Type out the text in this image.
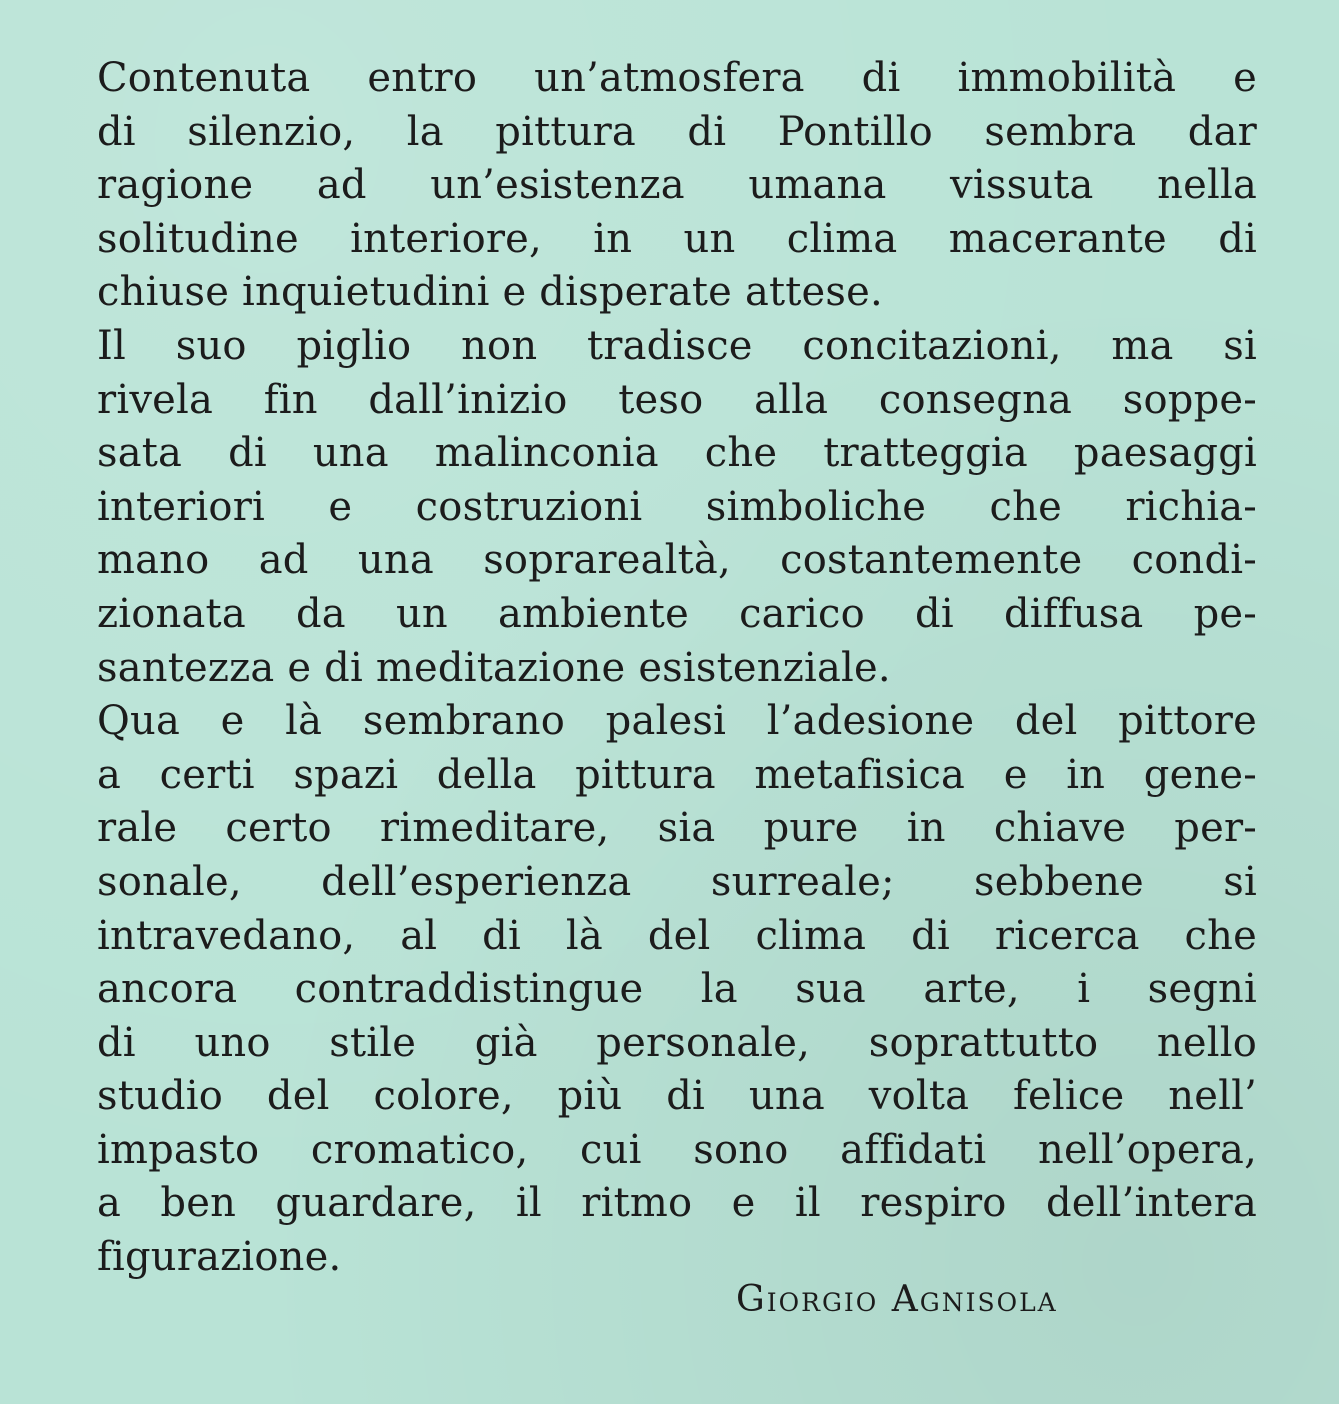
Contenuta entro un’atmosfera di immobilità e
di silenzio, la pittura di Pontillo sembra dar
ragione ad un’esistenza umana vissuta nella
solitudine interiore, in un clima macerante di
chiuse inquietudini e disperate attese.
Il suo piglio non tradisce concitazioni, ma si
rivela fin dall’inizio teso alla consegna soppe-
sata di una malinconia che tratteggia paesaggi
interiori e costruzioni simboliche che richia-
mano ad una soprarealtà, costantemente condi-
zionata da un ambiente carico di diffusa pe-
santezza e di meditazione esistenziale.
Qua e là sembrano palesi l’adesione del pittore
a certi spazi della pittura metafisica e in gene-
rale certo rimeditare, sia pure in chiave per-
sonale, dell’esperienza surreale; sebbene si
intravedano, al di là del clima di ricerca che
ancora contraddistingue la sua arte, i segni
di uno stile già personale, soprattutto nello
studio del colore, più di una volta felice nell’
impasto cromatico, cui sono affidati nell’opera,
a ben guardare, il ritmo e il respiro dell’intera
figurazione.
Giorgio Agnisola
